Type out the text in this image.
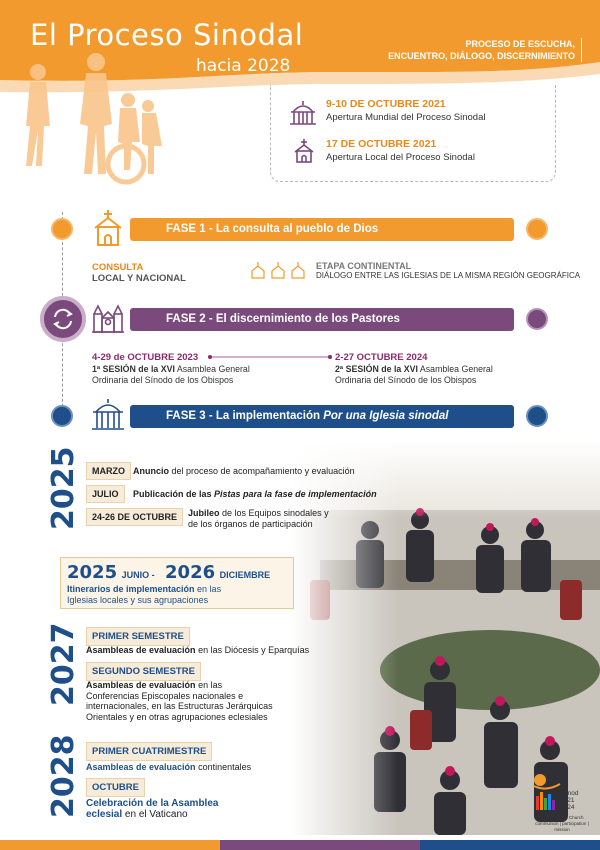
El Proceso Sinodal
hacia 2028
PROCESO DE ESCUCHA,
ENCUENTRO, DIÁLOGO, DISCERNIMIENTO
9-10 DE OCTUBRE 2021
Apertura Mundial del Proceso Sinodal
17 DE OCTUBRE 2021
Apertura Local del Proceso Sinodal
FASE 1 - La consulta al pueblo de Dios
CONSULTA
LOCAL Y NACIONAL
ETAPA CONTINENTAL
DIÁLOGO ENTRE LAS IGLESIAS DE LA MISMA REGIÓN GEOGRÁFICA
FASE 2 - El discernimiento de los Pastores
4-29 de OCTUBRE 2023
1ª SESIÓN de la XVI Asamblea General
Ordinaria del Sínodo de los Obispos
2-27 OCTUBRE 2024
2ª SESIÓN de la XVI Asamblea General
Ordinaria del Sínodo de los Obispos
FASE 3 - La implementación Por una Iglesia sinodal
2025	MARZO Anuncio del proceso de acompañamiento y evaluación
JULIO	Publicación de las Pistas para la fase de implementación
24-26 DE OCTUBRE	Jubileo de los Equipos sinodales y
de los órganos de participación
2025 JUNIO - 2026 DICIEMBRE
Itinerarios de implementación en las
Iglesias locales y sus agrupaciones
2027	PRIMER SEMESTRE
Asambleas de evaluación en las Diócesis y Eparquías
SEGUNDO SEMESTRE
Asambleas de evaluación en las
Conferencias Episcopales nacionales e
internacionales, en las Estructuras Jerárquicas
Orientales y en otras agrupaciones eclesiales
2028	PRIMER CUATRIMESTRE
Asambleas de evaluación continentales
OCTUBRE
Celebración de la Asamblea
eclesial en el Vaticano
Synod
2021
2024
For a synodal Church
communion | participation | mission
